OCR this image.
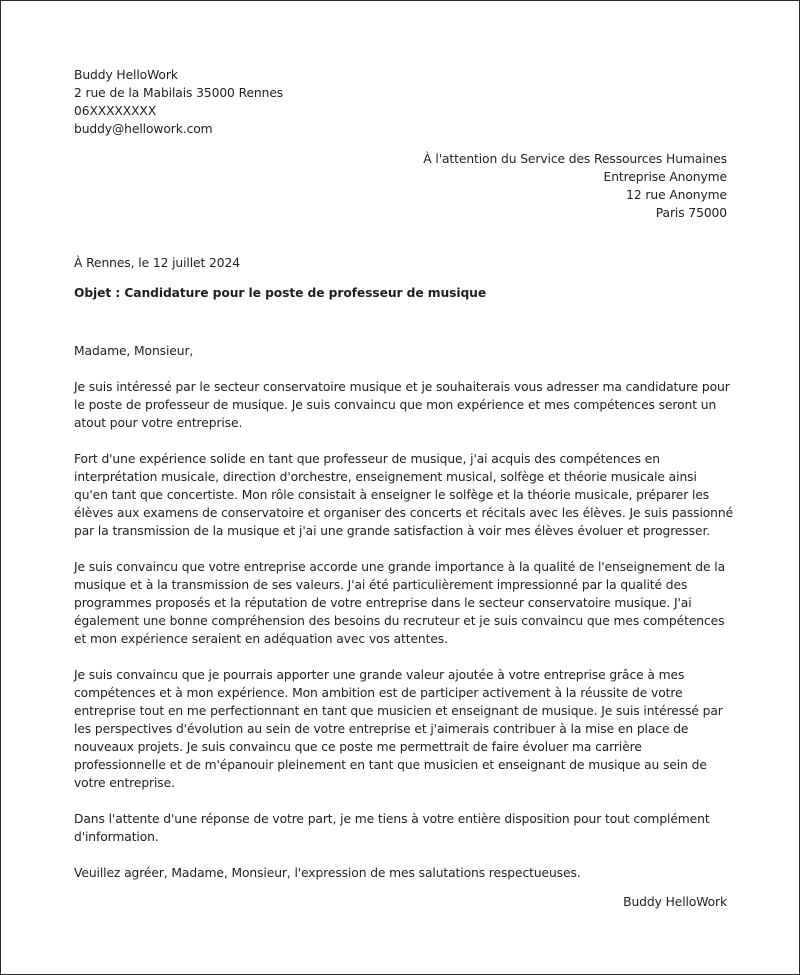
Buddy HelloWork
2 rue de la Mabilais 35000 Rennes
06XXXXXXXX
buddy@hellowork.com
À l'attention du Service des Ressources Humaines
Entreprise Anonyme
12 rue Anonyme
Paris 75000
À Rennes, le 12 juillet 2024
Objet : Candidature pour le poste de professeur de musique

Madame, Monsieur,

Je suis intéressé par le secteur conservatoire musique et je souhaiterais vous adresser ma candidature pour le poste de professeur de musique. Je suis convaincu que mon expérience et mes compétences seront un atout pour votre entreprise.

Fort d'une expérience solide en tant que professeur de musique, j'ai acquis des compétences en interprétation musicale, direction d'orchestre, enseignement musical, solfège et théorie musicale ainsi qu'en tant que concertiste. Mon rôle consistait à enseigner le solfège et la théorie musicale, préparer les élèves aux examens de conservatoire et organiser des concerts et récitals avec les élèves. Je suis passionné par la transmission de la musique et j'ai une grande satisfaction à voir mes élèves évoluer et progresser.

Je suis convaincu que votre entreprise accorde une grande importance à la qualité de l'enseignement de la musique et à la transmission de ses valeurs. J'ai été particulièrement impressionné par la qualité des programmes proposés et la réputation de votre entreprise dans le secteur conservatoire musique. J'ai également une bonne compréhension des besoins du recruteur et je suis convaincu que mes compétences et mon expérience seraient en adéquation avec vos attentes.

Je suis convaincu que je pourrais apporter une grande valeur ajoutée à votre entreprise grâce à mes compétences et à mon expérience. Mon ambition est de participer activement à la réussite de votre entreprise tout en me perfectionnant en tant que musicien et enseignant de musique. Je suis intéressé par les perspectives d'évolution au sein de votre entreprise et j'aimerais contribuer à la mise en place de nouveaux projets. Je suis convaincu que ce poste me permettrait de faire évoluer ma carrière professionnelle et de m'épanouir pleinement en tant que musicien et enseignant de musique au sein de votre entreprise.

Dans l'attente d'une réponse de votre part, je me tiens à votre entière disposition pour tout complément d'information.

Veuillez agréer, Madame, Monsieur, l'expression de mes salutations respectueuses.

Buddy HelloWork
